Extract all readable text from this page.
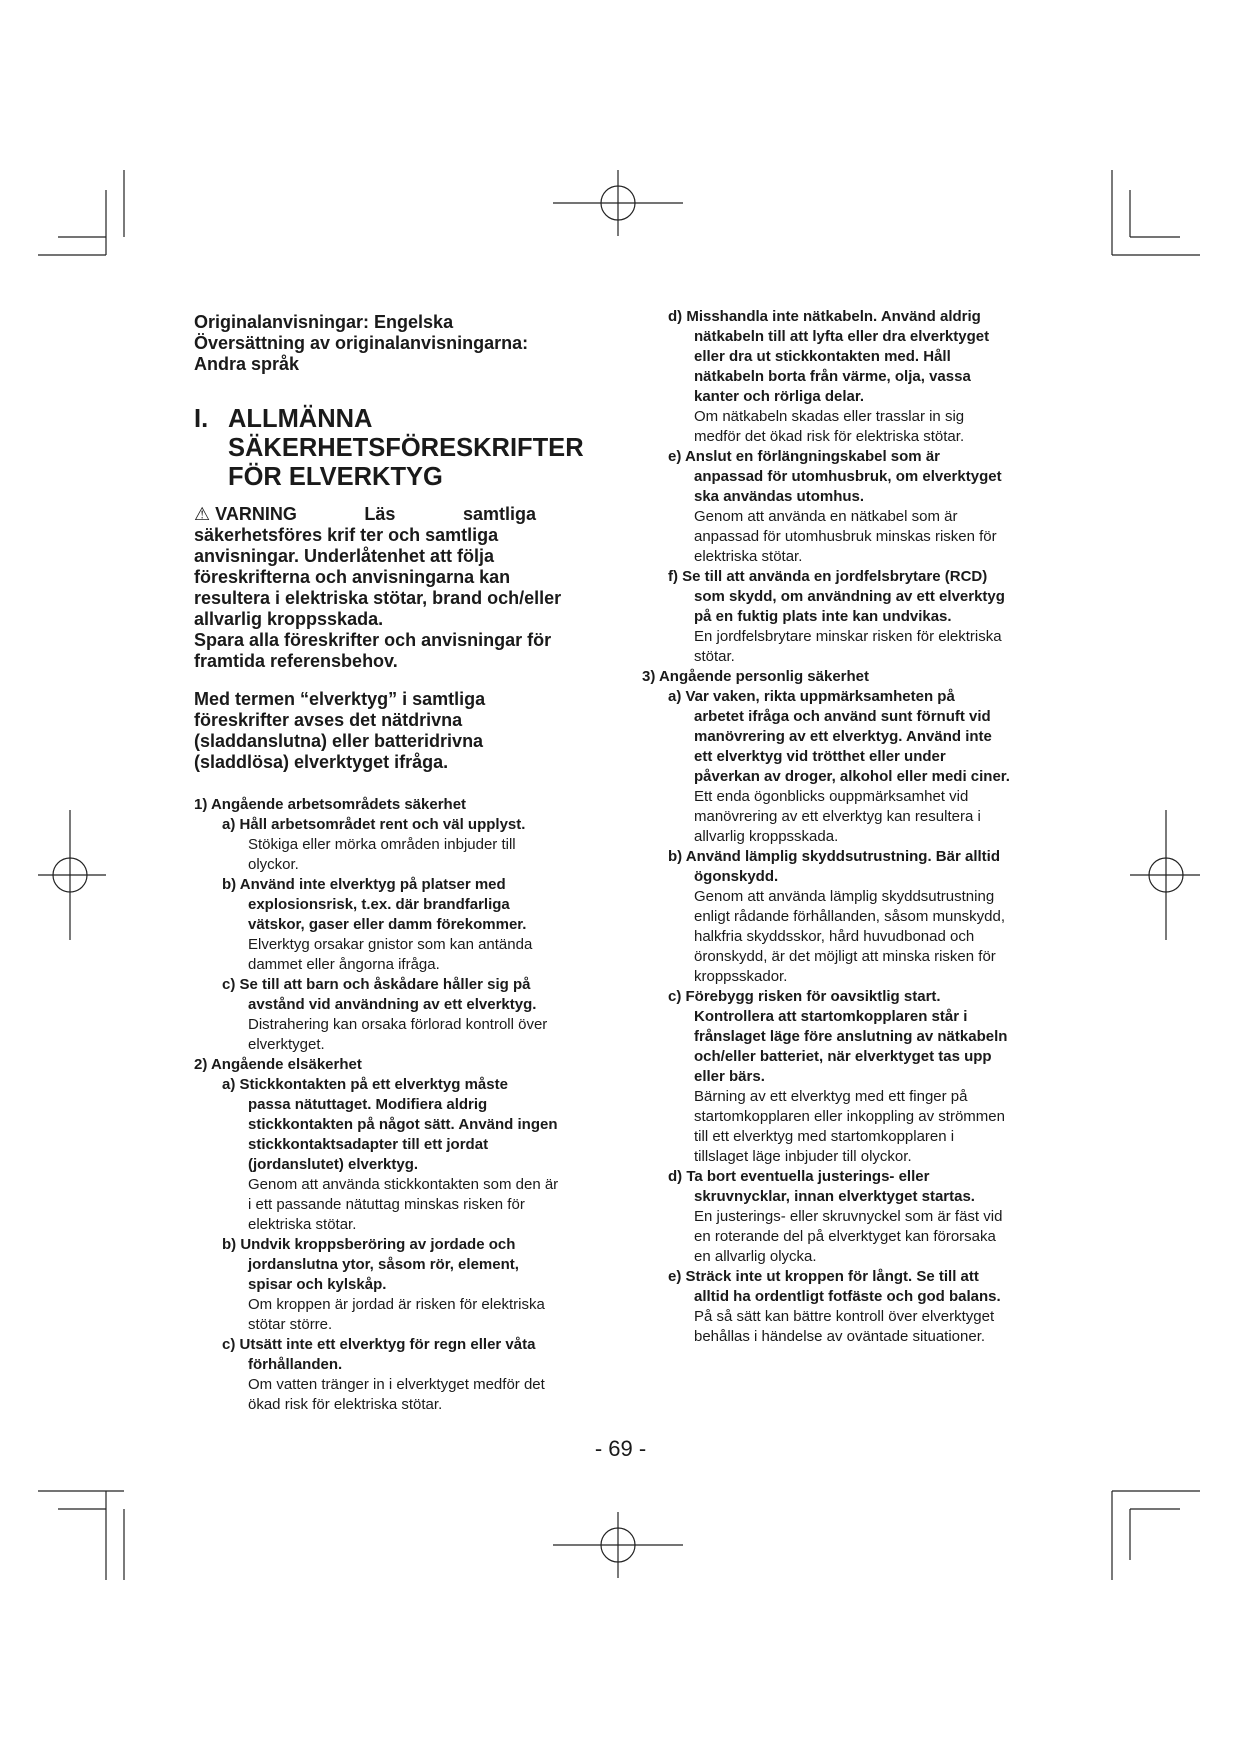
Originalanvisningar: Engelska
Översättning av originalanvisningarna:
Andra språk
I. ALLMÄNNA
SÄKERHETSFÖRESKRIFTER
FÖR ELVERKTYG
⚠ VARNING	Läs	samtliga
säkerhetsföres krif ter och samtliga
anvisningar. Underlåtenhet att följa
föreskrifterna och anvisningarna kan
resultera i elektriska stötar, brand och/eller
allvarlig kroppsskada.
Spara alla föreskrifter och anvisningar för
framtida referensbehov.
Med termen “elverktyg” i samtliga
föreskrifter avses det nätdrivna
(sladdanslutna) eller batteridrivna
(sladdlösa) elverktyget ifråga.
1) Angående arbetsområdets säkerhet
a) Håll arbetsområdet rent och väl upplyst.
Stökiga eller mörka områden inbjuder till
olyckor.
b) Använd inte elverktyg på platser med
explosionsrisk, t.ex. där brandfarliga
vätskor, gaser eller damm förekommer.
Elverktyg orsakar gnistor som kan antända
dammet eller ångorna ifråga.
c) Se till att barn och åskådare håller sig på
avstånd vid användning av ett elverktyg.
Distrahering kan orsaka förlorad kontroll över
elverktyget.
2) Angående elsäkerhet
a) Stickkontakten på ett elverktyg måste
passa nätuttaget. Modifiera aldrig
stickkontakten på något sätt. Använd ingen
stickkontaktsadapter till ett jordat
(jordanslutet) elverktyg.
Genom att använda stickkontakten som den är
i ett passande nätuttag minskas risken för
elektriska stötar.
b) Undvik kroppsberöring av jordade och
jordanslutna ytor, såsom rör, element,
spisar och kylskåp.
Om kroppen är jordad är risken för elektriska
stötar större.
c) Utsätt inte ett elverktyg för regn eller våta
förhållanden.
Om vatten tränger in i elverktyget medför det
ökad risk för elektriska stötar.
d) Misshandla inte nätkabeln. Använd aldrig
nätkabeln till att lyfta eller dra elverktyget
eller dra ut stickkontakten med. Håll
nätkabeln borta från värme, olja, vassa
kanter och rörliga delar.
Om nätkabeln skadas eller trasslar in sig
medför det ökad risk för elektriska stötar.
e) Anslut en förlängningskabel som är
anpassad för utomhusbruk, om elverktyget
ska användas utomhus.
Genom att använda en nätkabel som är
anpassad för utomhusbruk minskas risken för
elektriska stötar.
f) Se till att använda en jordfelsbrytare (RCD)
som skydd, om användning av ett elverktyg
på en fuktig plats inte kan undvikas.
En jordfelsbrytare minskar risken för elektriska
stötar.
3) Angående personlig säkerhet
a) Var vaken, rikta uppmärksamheten på
arbetet ifråga och använd sunt förnuft vid
manövrering av ett elverktyg. Använd inte
ett elverktyg vid trötthet eller under
påverkan av droger, alkohol eller medi ciner.
Ett enda ögonblicks ouppmärksamhet vid
manövrering av ett elverktyg kan resultera i
allvarlig kroppsskada.
b) Använd lämplig skyddsutrustning. Bär alltid
ögonskydd.
Genom att använda lämplig skyddsutrustning
enligt rådande förhållanden, såsom munskydd,
halkfria skyddsskor, hård huvudbonad och
öronskydd, är det möjligt att minska risken för
kroppsskador.
c) Förebygg risken för oavsiktlig start.
Kontrollera att startomkopplaren står i
frånslaget läge före anslutning av nätkabeln
och/eller batteriet, när elverktyget tas upp
eller bärs.
Bärning av ett elverktyg med ett finger på
startomkopplaren eller inkoppling av strömmen
till ett elverktyg med startomkopplaren i
tillslaget läge inbjuder till olyckor.
d) Ta bort eventuella justerings- eller
skruvnycklar, innan elverktyget startas.
En justerings- eller skruvnyckel som är fäst vid
en roterande del på elverktyget kan förorsaka
en allvarlig olycka.
e) Sträck inte ut kroppen för långt. Se till att
alltid ha ordentligt fotfäste och god balans.
På så sätt kan bättre kontroll över elverktyget
behållas i händelse av oväntade situationer.
- 69 -
